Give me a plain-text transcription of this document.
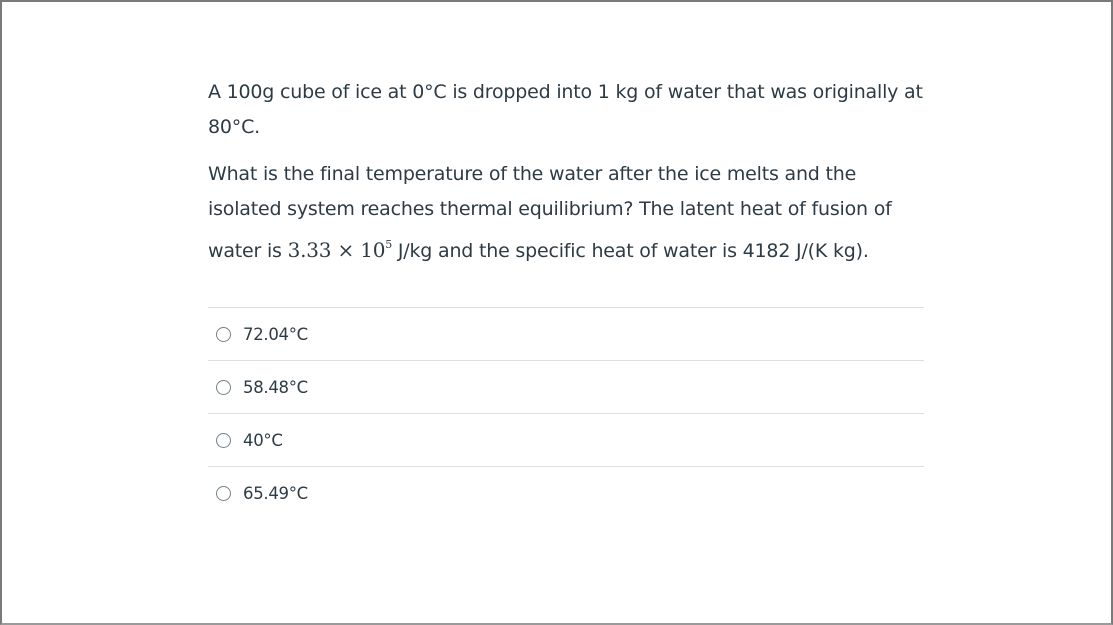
A 100g cube of ice at 0°C is dropped into 1 kg of water that was originally at 80°C.

What is the final temperature of the water after the ice melts and the isolated system reaches thermal equilibrium? The latent heat of fusion of water is $3.33 \times 10^5$ J/kg and the specific heat of water is 4182 J/(K kg).

72.04°C
58.48°C
40°C
65.49°C
